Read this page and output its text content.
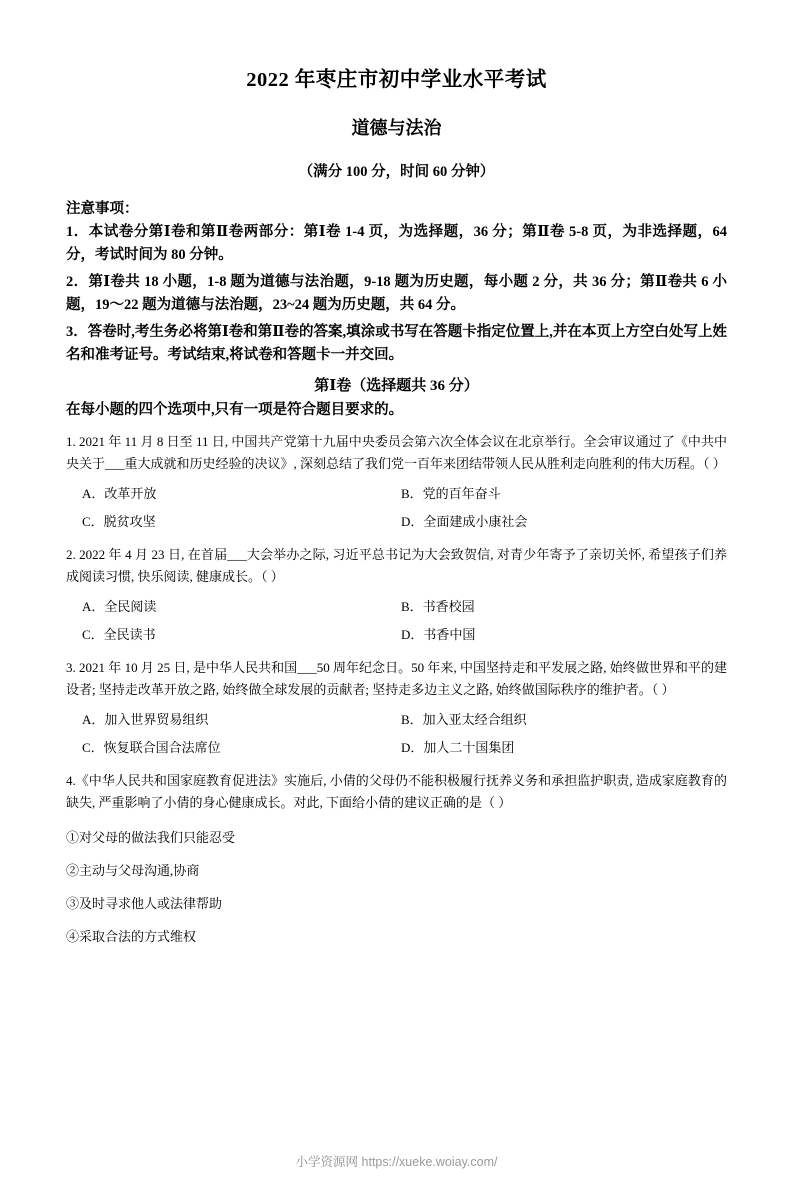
2022 年枣庄市初中学业水平考试
道德与法治
（满分 100 分，时间 60 分钟）
注意事项：
1．本试卷分第Ⅰ卷和第Ⅱ卷两部分：第Ⅰ卷 1-4 页，为选择题，36 分；第Ⅱ卷 5-8 页，为非选择题，64 分，考试时间为 80 分钟。
2．第Ⅰ卷共 18 小题，1-8 题为道德与法治题，9-18 题为历史题，每小题 2 分，共 36 分；第Ⅱ卷共 6 小题，19～22 题为道德与法治题，23~24 题为历史题，共 64 分。
3．答卷时,考生务必将第Ⅰ卷和第Ⅱ卷的答案,填涂或书写在答题卡指定位置上,并在本页上方空白处写上姓名和准考证号。考试结束,将试卷和答题卡一并交回。
第Ⅰ卷（选择题共 36 分）
在每小题的四个选项中,只有一项是符合题目要求的。
1. 2021 年 11 月 8 日至 11 日, 中国共产党第十九届中央委员会第六次全体会议在北京举行。全会审议通过了《中共中央关于___重大成就和历史经验的决议》, 深刻总结了我们党一百年来团结带领人民从胜利走向胜利的伟大历程。（ ）
A．改革开放	B．党的百年奋斗
C．脱贫攻坚	D．全面建成小康社会
2. 2022 年 4 月 23 日, 在首届___大会举办之际, 习近平总书记为大会致贺信, 对青少年寄予了亲切关怀, 希望孩子们养成阅读习惯, 快乐阅读, 健康成长。（ ）
A．全民阅读	B．书香校园
C．全民读书	D．书香中国
3. 2021 年 10 月 25 日, 是中华人民共和国___50 周年纪念日。50 年来, 中国坚持走和平发展之路, 始终做世界和平的建设者; 坚持走改革开放之路, 始终做全球发展的贡献者; 坚持走多边主义之路, 始终做国际秩序的维护者。（ ）
A．加入世界贸易组织	B．加入亚太经合组织
C．恢复联合国合法席位	D．加人二十国集团
4.《中华人民共和国家庭教育促进法》实施后, 小倩的父母仍不能积极履行抚养义务和承担监护职责, 造成家庭教育的缺失, 严重影响了小倩的身心健康成长。对此, 下面给小倩的建议正确的是（ ）
①对父母的做法我们只能忍受
②主动与父母沟通,协商
③及时寻求他人或法律帮助
④采取合法的方式维权
小学资源网 https://xueke.woiay.com/
